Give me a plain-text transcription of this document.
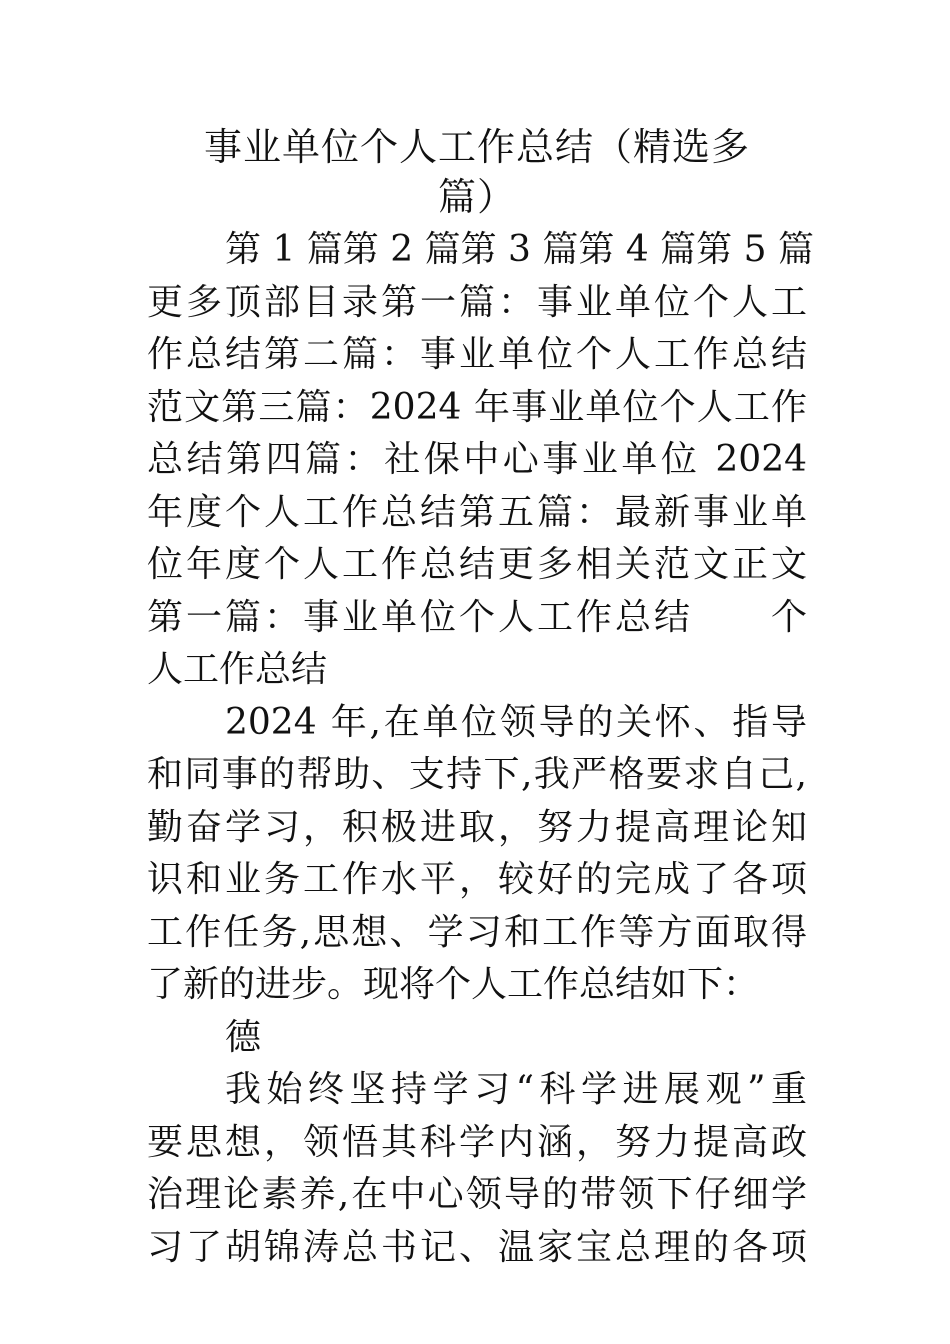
事业单位个人工作总结（精选多
篇）
第 1 篇第 2 篇第 3 篇第 4 篇第 5 篇
更多顶部目录第一篇：事业单位个人工
作总结第二篇：事业单位个人工作总结
范文第三篇：2024 年事业单位个人工作
总结第四篇：社保中心事业单位 2024
年度个人工作总结第五篇：最新事业单
位年度个人工作总结更多相关范文正文
第一篇：事业单位个人工作总结　　个
人工作总结
2024 年,在单位领导的关怀、指导
和同事的帮助、支持下,我严格要求自己,
勤奋学习，积极进取，努力提高理论知
识和业务工作水平，较好的完成了各项
工作任务,思想、学习和工作等方面取得
了新的进步。现将个人工作总结如下：
德
我始终坚持学习“科学进展观”重
要思想，领悟其科学内涵，努力提高政
治理论素养,在中心领导的带领下仔细学
习了胡锦涛总书记、温家宝总理的各项
